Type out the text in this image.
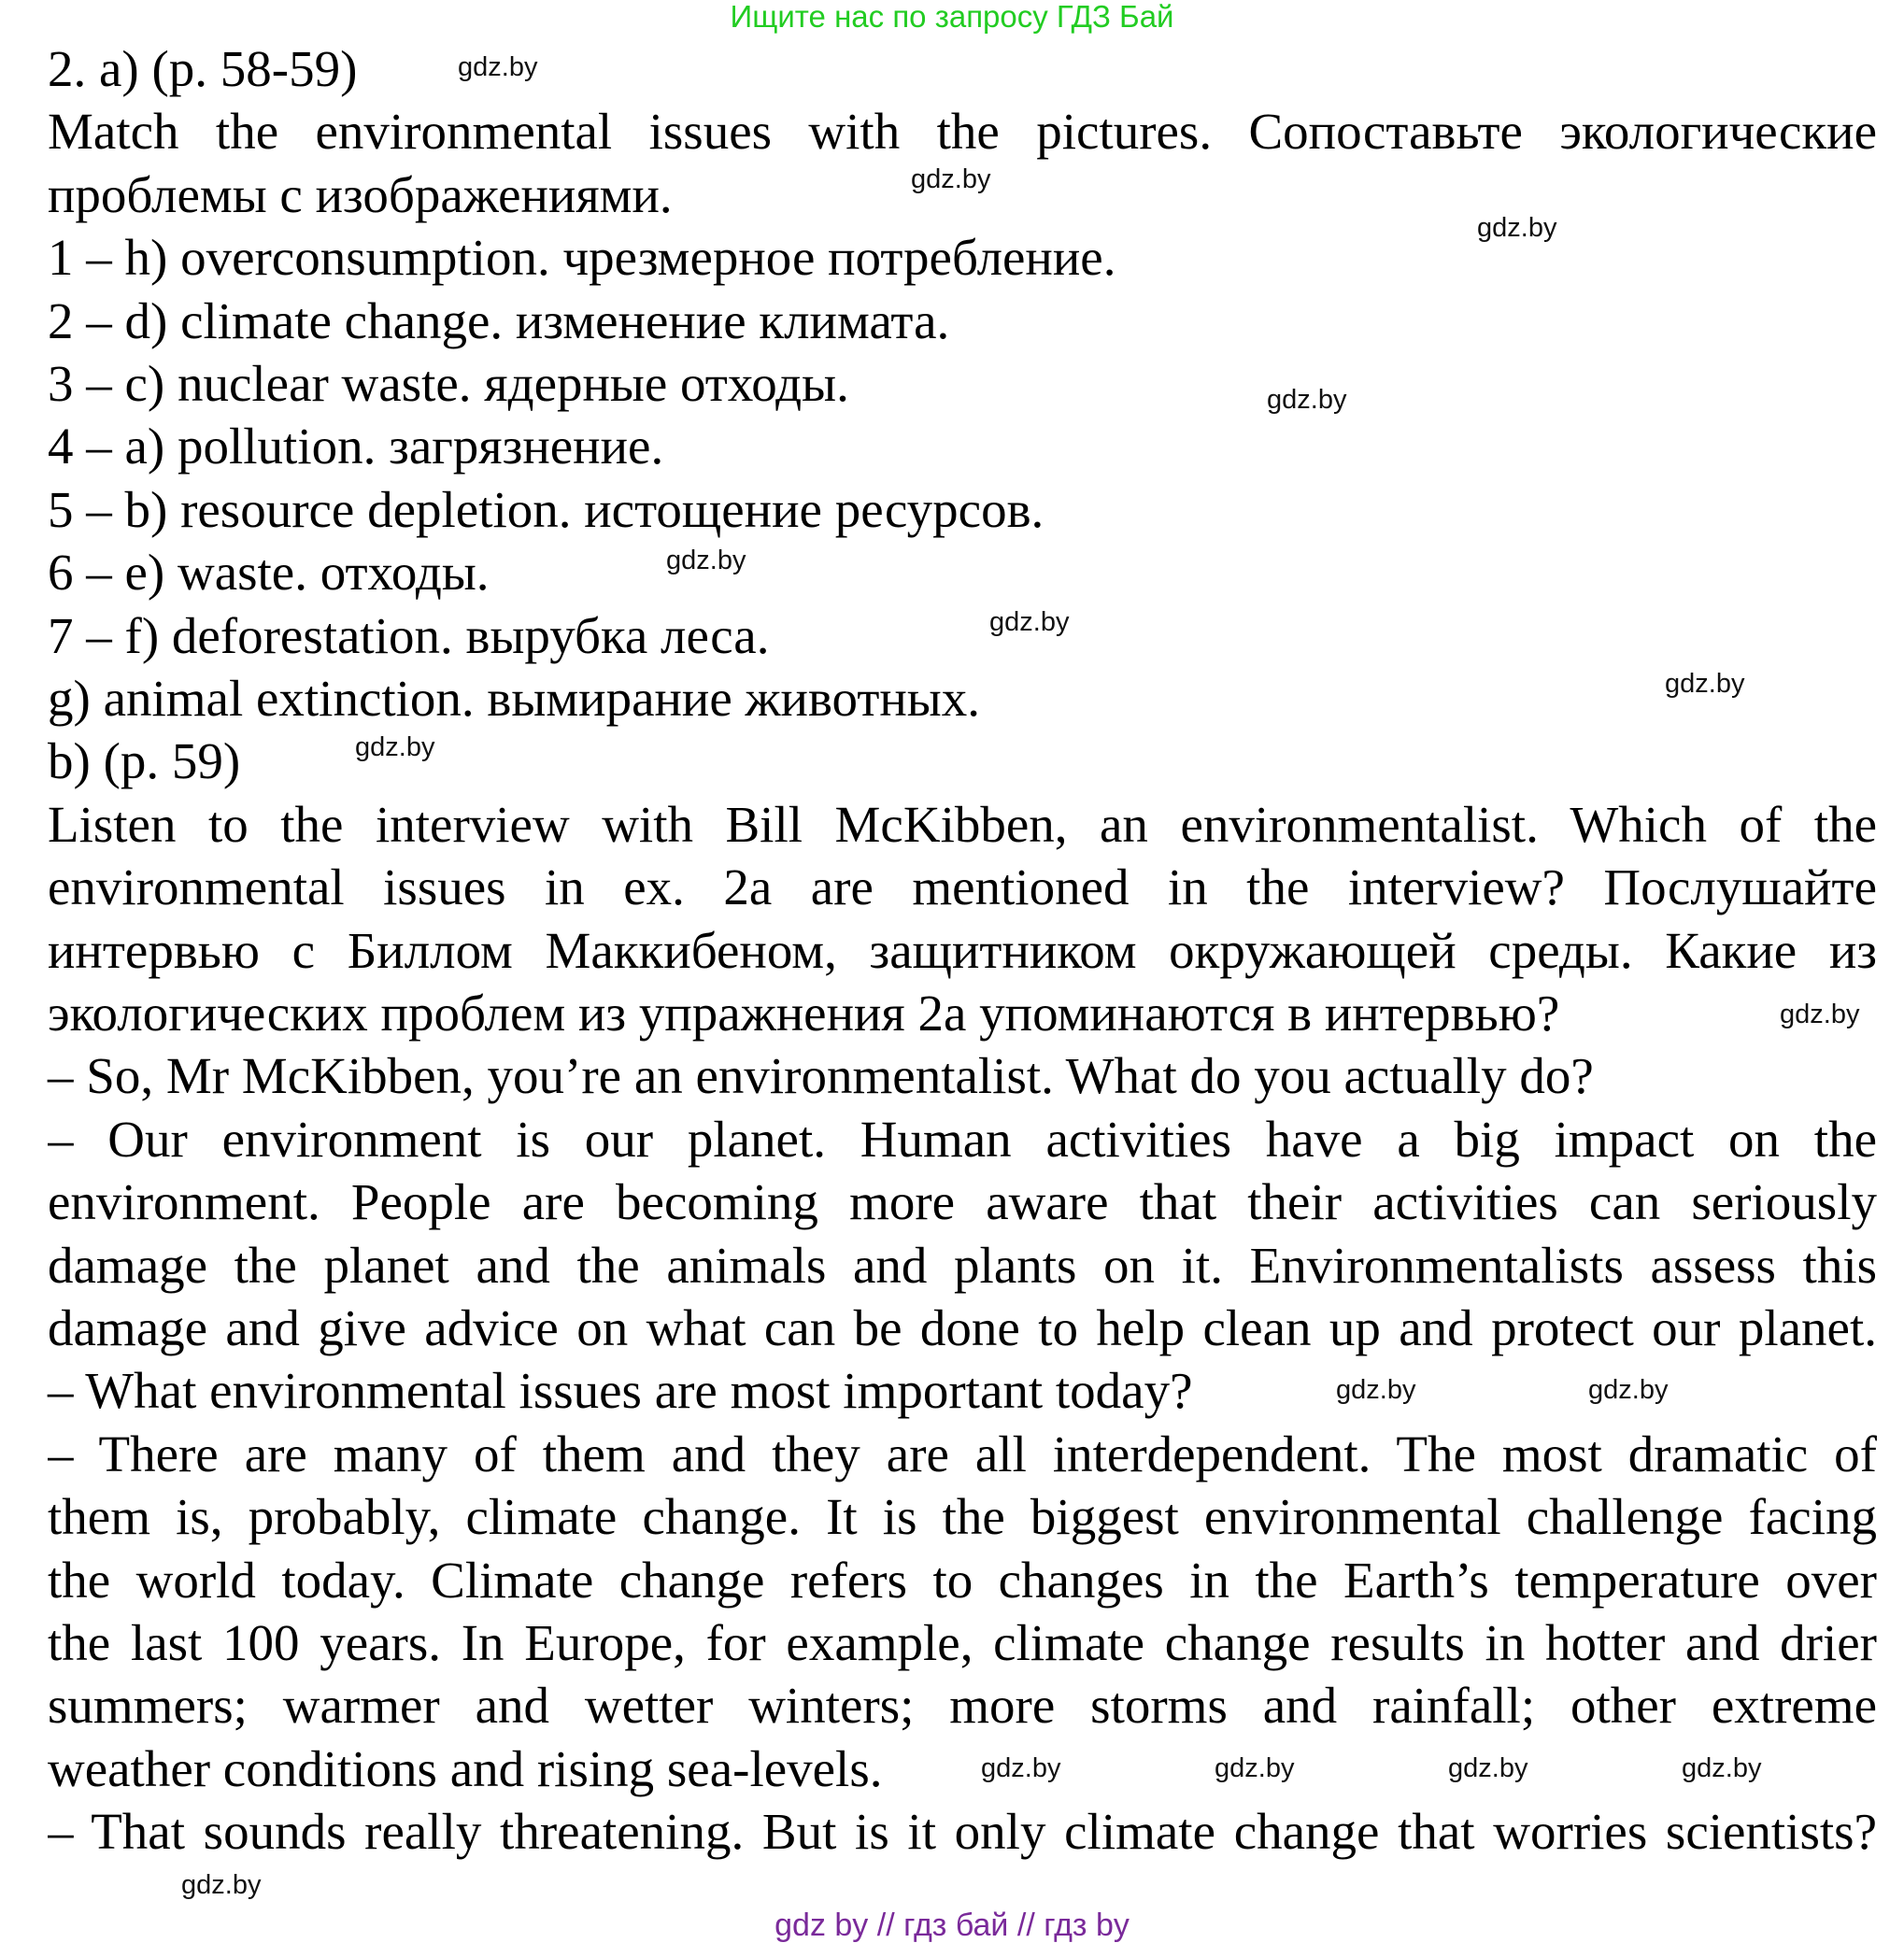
Ищите нас по запросу ГДЗ Бай
2. a) (p. 58-59)
Match the environmental issues with the pictures. Сопоставьте экологические
проблемы с изображениями.
1 – h) overconsumption. чрезмерное потребление.
2 – d) climate change. изменение климата.
3 – c) nuclear waste. ядерные отходы.
4 – a) pollution. загрязнение.
5 – b) resource depletion. истощение ресурсов.
6 – e) waste. отходы.
7 – f) deforestation. вырубка леса.
g) animal extinction. вымирание животных.
b) (p. 59)
Listen to the interview with Bill McKibben, an environmentalist. Which of the
environmental issues in ex. 2a are mentioned in the interview? Послушайте
интервью с Биллом Маккибеном, защитником окружающей среды. Какие из
экологических проблем из упражнения 2a упоминаются в интервью?
– So, Mr McKibben, you’re an environmentalist. What do you actually do?
– Our environment is our planet. Human activities have a big impact on the
environment. People are becoming more aware that their activities can seriously
damage the planet and the animals and plants on it. Environmentalists assess this
damage and give advice on what can be done to help clean up and protect our planet.
– What environmental issues are most important today?
– There are many of them and they are all interdependent. The most dramatic of
them is, probably, climate change. It is the biggest environmental challenge facing
the world today. Climate change refers to changes in the Earth’s temperature over
the last 100 years. In Europe, for example, climate change results in hotter and drier
summers; warmer and wetter winters; more storms and rainfall; other extreme
weather conditions and rising sea-levels.
– That sounds really threatening. But is it only climate change that worries scientists?
gdz.by
gdz.by
gdz.by
gdz.by
gdz.by
gdz.by
gdz.by
gdz.by
gdz.by
gdz.by
gdz.by	gdz.by
gdz.by	gdz.by	gdz.by
gdz.by
gdz by // гдз бай // гдз by
